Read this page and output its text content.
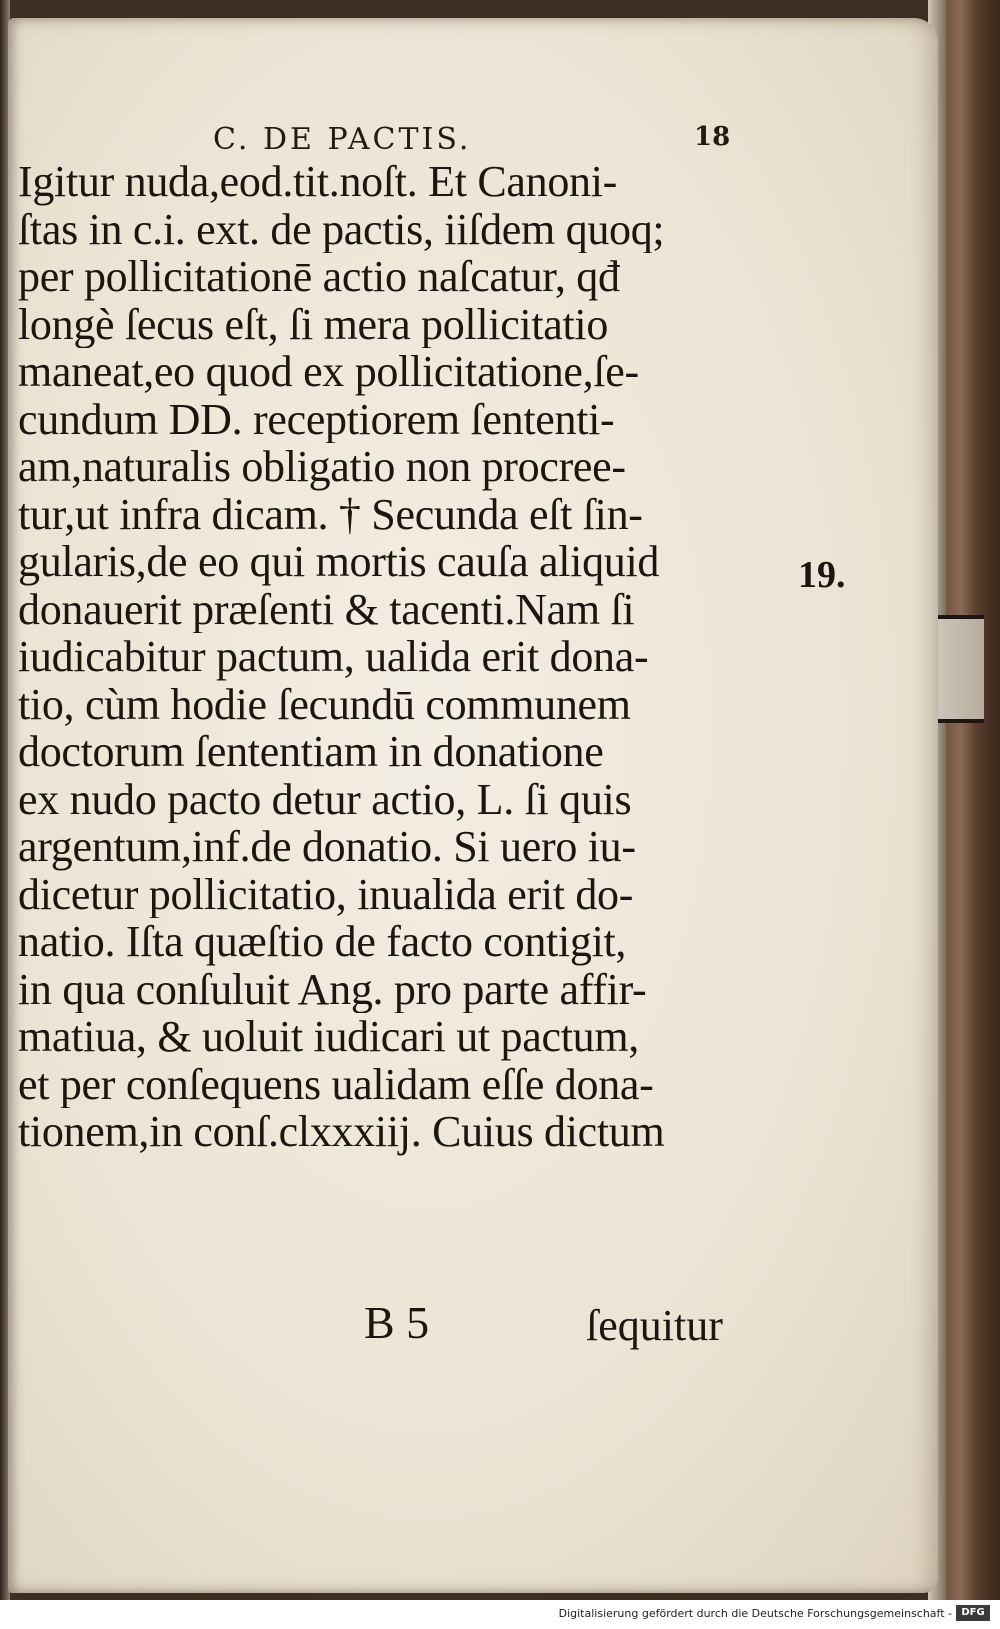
C. DE PACTIS.	18
Igitur nuda,eod.tit.noſt. Et Canoni-
ſtas in c.i. ext. de pactis, iiſdem quoq;
per pollicitationē actio naſcatur, qđ
longè ſecus eſt, ſi mera pollicitatio
maneat,eo quod ex pollicitatione,ſe-
cundum DD. receptiorem ſententi-
am,naturalis obligatio non procree-
tur,ut infra dicam. † Secunda eſt ſin-
gularis,de eo qui mortis cauſa aliquid
donauerit præſenti & tacenti.Nam ſi
iudicabitur pactum, ualida erit dona-
tio, cùm hodie ſecundū communem
doctorum ſententiam in donatione
ex nudo pacto detur actio, L. ſi quis
argentum,inf.de donatio. Si uero iu-
dicetur pollicitatio, inualida erit do-
natio. Iſta quæſtio de facto contigit,
in qua conſuluit Ang. pro parte affir-
matiua, & uoluit iudicari ut pactum,
et per conſequens ualidam eſſe dona-
tionem,in conſ.clxxxiij. Cuius dictum
19.
B 5	ſequitur
Digitalisierung gefördert durch die Deutsche Forschungsgemeinschaft - DFG
